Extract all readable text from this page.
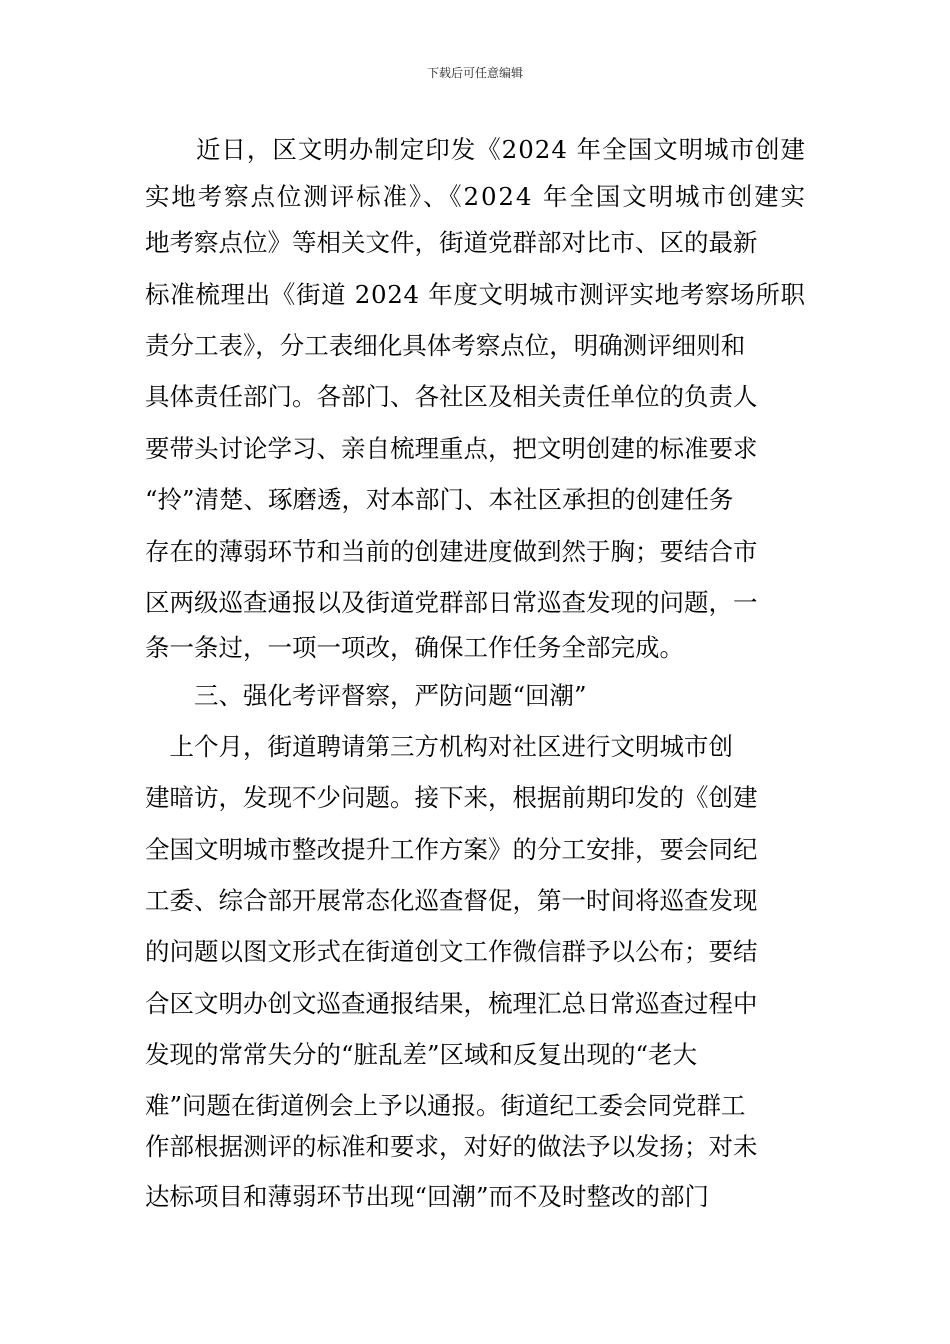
下载后可任意编辑
　　近日，区文明办制定印发《2024 年全国文明城市创建
实地考察点位测评标准》、《2024 年全国文明城市创建实
地考察点位》等相关文件，街道党群部对比市、区的最新
标准梳理出《街道 2024 年度文明城市测评实地考察场所职
责分工表》，分工表细化具体考察点位，明确测评细则和
具体责任部门。各部门、各社区及相关责任单位的负责人
要带头讨论学习、亲自梳理重点，把文明创建的标准要求
“拎”清楚、琢磨透，对本部门、本社区承担的创建任务
存在的薄弱环节和当前的创建进度做到然于胸；要结合市
区两级巡查通报以及街道党群部日常巡查发现的问题，一
条一条过，一项一项改，确保工作任务全部完成。
　　三、强化考评督察，严防问题“回潮”
　上个月，街道聘请第三方机构对社区进行文明城市创
建暗访，发现不少问题。接下来，根据前期印发的《创建
全国文明城市整改提升工作方案》的分工安排，要会同纪
工委、综合部开展常态化巡查督促，第一时间将巡查发现
的问题以图文形式在街道创文工作微信群予以公布；要结
合区文明办创文巡查通报结果，梳理汇总日常巡查过程中
发现的常常失分的“脏乱差”区域和反复出现的“老大
难”问题在街道例会上予以通报。街道纪工委会同党群工
作部根据测评的标准和要求，对好的做法予以发扬；对未
达标项目和薄弱环节出现“回潮”而不及时整改的部门
